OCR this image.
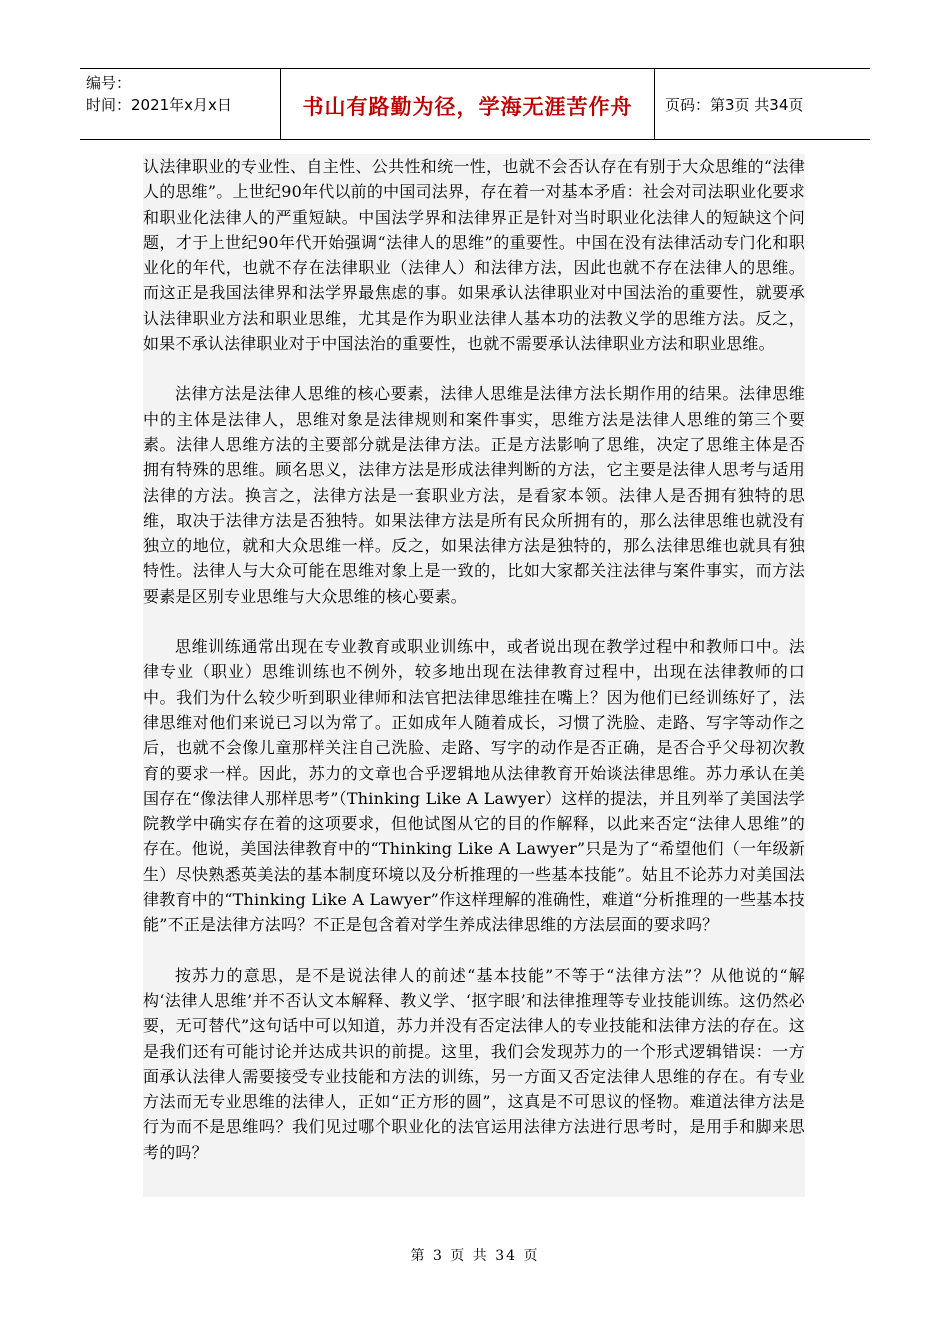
编号：
时间：2021年x月x日	书山有路勤为径，学海无涯苦作舟	页码：第3页 共34页

认法律职业的专业性、自主性、公共性和统一性，也就不会否认存在有别于大众思维的“法律人的思维”。上世纪90年代以前的中国司法界，存在着一对基本矛盾：社会对司法职业化要求和职业化法律人的严重短缺。中国法学界和法律界正是针对当时职业化法律人的短缺这个问题，才于上世纪90年代开始强调“法律人的思维”的重要性。中国在没有法律活动专门化和职业化的年代，也就不存在法律职业（法律人）和法律方法，因此也就不存在法律人的思维。而这正是我国法律界和法学界最焦虑的事。如果承认法律职业对中国法治的重要性，就要承认法律职业方法和职业思维，尤其是作为职业法律人基本功的法教义学的思维方法。反之，如果不承认法律职业对于中国法治的重要性，也就不需要承认法律职业方法和职业思维。

法律方法是法律人思维的核心要素，法律人思维是法律方法长期作用的结果。法律思维中的主体是法律人，思维对象是法律规则和案件事实，思维方法是法律人思维的第三个要素。法律人思维方法的主要部分就是法律方法。正是方法影响了思维，决定了思维主体是否拥有特殊的思维。顾名思义，法律方法是形成法律判断的方法，它主要是法律人思考与适用法律的方法。换言之，法律方法是一套职业方法，是看家本领。法律人是否拥有独特的思维，取决于法律方法是否独特。如果法律方法是所有民众所拥有的，那么法律思维也就没有独立的地位，就和大众思维一样。反之，如果法律方法是独特的，那么法律思维也就具有独特性。法律人与大众可能在思维对象上是一致的，比如大家都关注法律与案件事实，而方法要素是区别专业思维与大众思维的核心要素。

思维训练通常出现在专业教育或职业训练中，或者说出现在教学过程中和教师口中。法律专业（职业）思维训练也不例外，较多地出现在法律教育过程中，出现在法律教师的口中。我们为什么较少听到职业律师和法官把法律思维挂在嘴上？因为他们已经训练好了，法律思维对他们来说已习以为常了。正如成年人随着成长，习惯了洗脸、走路、写字等动作之后，也就不会像儿童那样关注自己洗脸、走路、写字的动作是否正确，是否合乎父母初次教育的要求一样。因此，苏力的文章也合乎逻辑地从法律教育开始谈法律思维。苏力承认在美国存在“像法律人那样思考”（Thinking Like A Lawyer）这样的提法，并且列举了美国法学院教学中确实存在着的这项要求，但他试图从它的目的作解释，以此来否定“法律人思维”的存在。他说，美国法律教育中的“Thinking Like A Lawyer”只是为了“希望他们（一年级新生）尽快熟悉英美法的基本制度环境以及分析推理的一些基本技能”。姑且不论苏力对美国法律教育中的“Thinking Like A Lawyer”作这样理解的准确性，难道“分析推理的一些基本技能”不正是法律方法吗？不正是包含着对学生养成法律思维的方法层面的要求吗？

按苏力的意思，是不是说法律人的前述“基本技能”不等于“法律方法”？从他说的“解构‘法律人思维’并不否认文本解释、教义学、‘抠字眼’和法律推理等专业技能训练。这仍然必要，无可替代”这句话中可以知道，苏力并没有否定法律人的专业技能和法律方法的存在。这是我们还有可能讨论并达成共识的前提。这里，我们会发现苏力的一个形式逻辑错误：一方面承认法律人需要接受专业技能和方法的训练，另一方面又否定法律人思维的存在。有专业方法而无专业思维的法律人，正如“正方形的圆”，这真是不可思议的怪物。难道法律方法是行为而不是思维吗？我们见过哪个职业化的法官运用法律方法进行思考时，是用手和脚来思考的吗？

第 3 页 共 34 页
